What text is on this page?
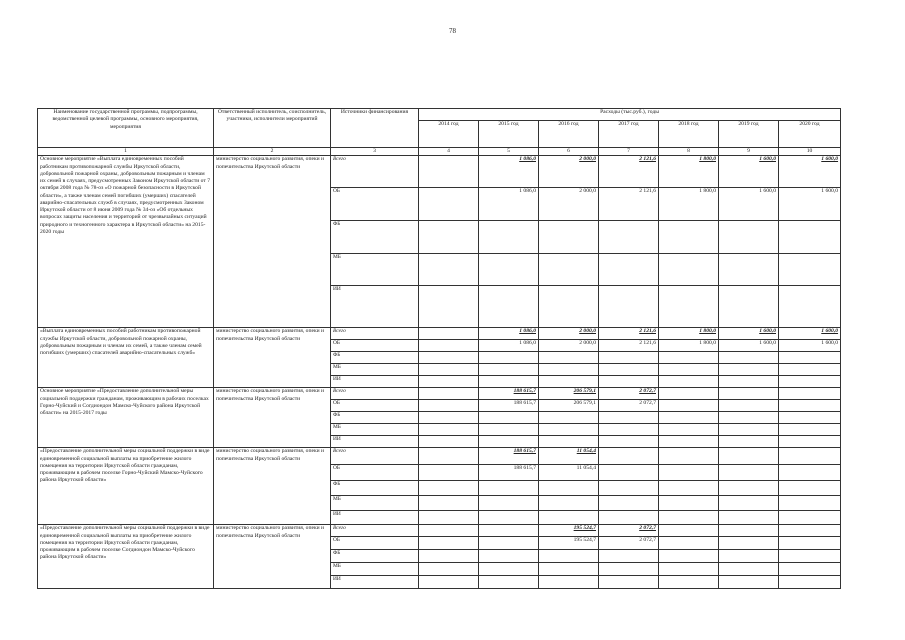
78
Наименование государственной программы, подпрограммы, ведомственной целевой программы, основного мероприятия, мероприятия	Ответственный исполнитель, соисполнитель, участники, исполнители мероприятий	Источники финансирования	Расходы (тыс.руб.), годы						
			2014 год	2015 год	2016 год	2017 год	2018 год	2019 год	2020 год
1	2	3	4	5	6	7	8	9	10
Основное мероприятие «Выплата единовременных пособий работникам противопожарной службы Иркутской области, добровольной пожарной охраны, добровольным пожарным и членам их семей в случаях, предусмотренных Законом Иркутской области от 7 октября 2008 года № 78-оз «О пожарной безопасности в Иркутской области», а также членам семей погибших (умерших) спасателей аварийно-спасательных служб в случаях, предусмотренных Законом Иркутской области от 8 июня 2009 года № 34-оз «Об отдельных вопросах защиты населения и территорий от чрезвычайных ситуаций природного и техногенного характера в Иркутской области» на 2015-2020 годы	министерство социального развития, опеки и попечительства Иркутской области	Всего		1 086,0	2 000,0	2 121,6	1 800,0	1 600,0	1 600,0
		ОБ		1 086,0	2 000,0	2 121,6	1 800,0	1 600,0	1 600,0
		ФБ							
		МБ							
		ИИ							
«Выплата единовременных пособий работникам противопожарной службы Иркутской области, добровольной пожарной охраны, добровольным пожарным и членам их семей, а также членам семей погибших (умерших) спасателей аварийно-спасательных служб»	министерство социального развития, опеки и попечительства Иркутской области	Всего		1 086,0	2 000,0	2 121,6	1 800,0	1 600,0	1 600,0
		ОБ		1 086,0	2 000,0	2 121,6	1 800,0	1 600,0	1 600,0
		ФБ							
		МБ							
		ИИ							
Основное мероприятие «Предоставление дополнительной меры социальной поддержки гражданам, проживающим в рабочих поселках Горно-Чуйский и Согдиондон Мамско-Чуйского района Иркутской области» на 2015-2017 годы	министерство социального развития, опеки и попечительства Иркутской области	Всего		188 615,7	206 579,1	2 072,7			
		ОБ		188 615,7	206 579,1	2 072,7			
		ФБ							
		МБ							
		ИИ							
«Предоставление дополнительной меры социальной поддержки в виде единовременной социальной выплаты на приобретение жилого помещения на территории Иркутской области гражданам, проживающим в рабочем поселке Горно-Чуйский Мамско-Чуйского района Иркутской области»	министерство социального развития, опеки и попечительства Иркутской области	Всего		188 615,7	11 054,4				
		ОБ		188 615,7	11 054,4				
		ФБ							
		МБ							
		ИИ							
«Предоставление дополнительной меры социальной поддержки в виде единовременной социальной выплаты на приобретение жилого помещения на территории Иркутской области гражданам, проживающим в рабочем поселке Согдиондон Мамско-Чуйского района Иркутской области»	министерство социального развития, опеки и попечительства Иркутской области	Всего			195 524,7	2 072,7			
		ОБ			195 524,7	2 072,7			
		ФБ							
		МБ							
		ИИ							
